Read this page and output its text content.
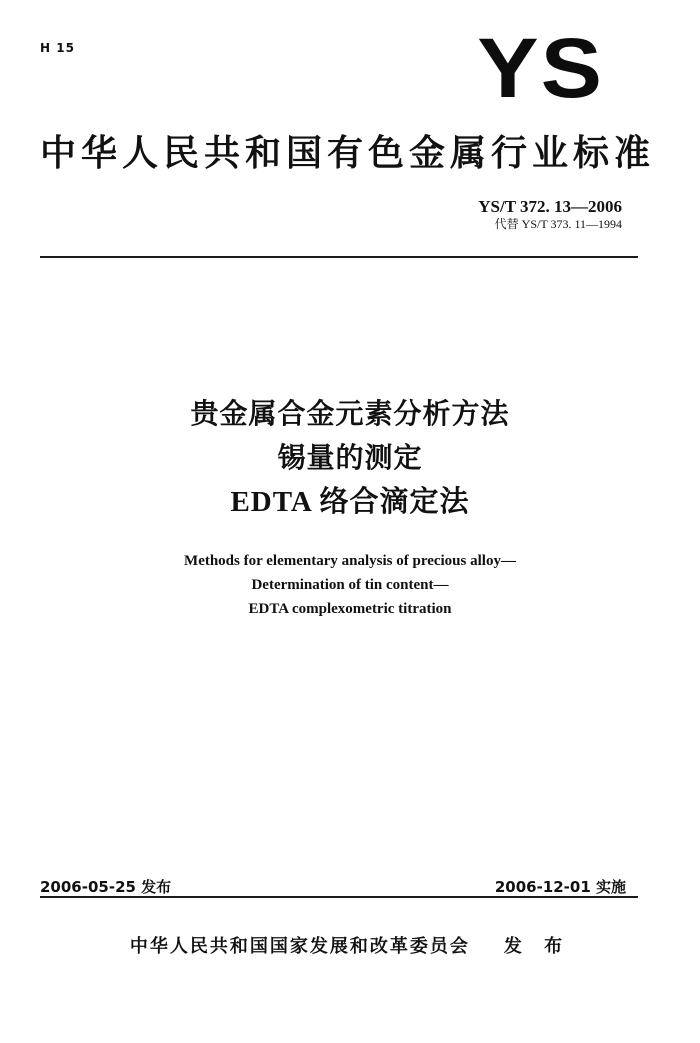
H 15	YS
中华人民共和国有色金属行业标准
YS/T 372. 13—2006
代替 YS/T 373. 11—1994
贵金属合金元素分析方法
锡量的测定
EDTA 络合滴定法
Methods for elementary analysis of precious alloy—
Determination of tin content—
EDTA complexometric titration
2006-05-25 发布	2006-12-01 实施
中华人民共和国国家发展和改革委员会 发 布
